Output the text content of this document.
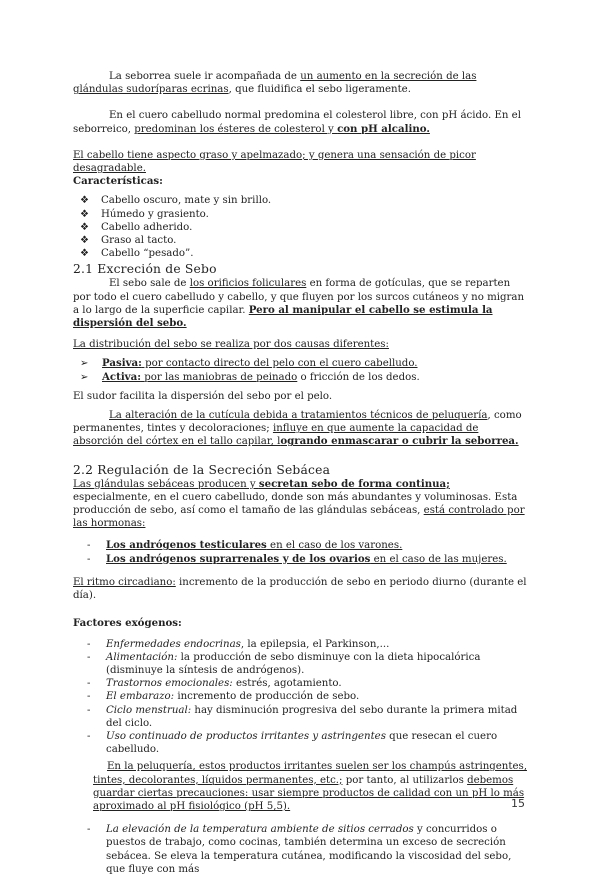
La seborrea suele ir acompañada de un aumento en la secreción de las glándulas sudoríparas ecrinas, que fluidifica el sebo ligeramente.

En el cuero cabelludo normal predomina el colesterol libre, con pH ácido. En el seborreico, predominan los ésteres de colesterol y con pH alcalino.

El cabello tiene aspecto graso y apelmazado; y genera una sensación de picor desagradable.

Características:

❖ Cabello oscuro, mate y sin brillo.
❖ Húmedo y grasiento.
❖ Cabello adherido.
❖ Graso al tacto.
❖ Cabello “pesado”.
2.1 Excreción de Sebo

El sebo sale de los orificios foliculares en forma de gotículas, que se reparten por todo el cuero cabelludo y cabello, y que fluyen por los surcos cutáneos y no migran a lo largo de la superficie capilar. Pero al manipular el cabello se estimula la dispersión del sebo.

La distribución del sebo se realiza por dos causas diferentes:

➢ Pasiva: por contacto directo del pelo con el cuero cabelludo.
➢ Activa: por las maniobras de peinado o fricción de los dedos.

El sudor facilita la dispersión del sebo por el pelo.

La alteración de la cutícula debida a tratamientos técnicos de peluquería, como permanentes, tintes y decoloraciones; influye en que aumente la capacidad de absorción del córtex en el tallo capilar, logrando enmascarar o cubrir la seborrea.

2.2 Regulación de la Secreción Sebácea

Las glándulas sebáceas producen y secretan sebo de forma continua; especialmente, en el cuero cabelludo, donde son más abundantes y voluminosas. Esta producción de sebo, así como el tamaño de las glándulas sebáceas, está controlado por las hormonas:

- Los andrógenos testiculares en el caso de los varones.
- Los andrógenos suprarrenales y de los ovarios en el caso de las mujeres.

El ritmo circadiano: incremento de la producción de sebo en periodo diurno (durante el día).

Factores exógenos:

- Enfermedades endocrinas, la epilepsia, el Parkinson,...
- Alimentación: la producción de sebo disminuye con la dieta hipocalórica (disminuye la síntesis de andrógenos).
- Trastornos emocionales: estrés, agotamiento.
- El embarazo: incremento de producción de sebo.
- Ciclo menstrual: hay disminución progresiva del sebo durante la primera mitad del ciclo.
- Uso continuado de productos irritantes y astringentes que resecan el cuero cabelludo.

En la peluquería, estos productos irritantes suelen ser los champús astringentes, tintes, decolorantes, líquidos permanentes, etc.; por tanto, al utilizarlos debemos guardar ciertas precauciones: usar siempre productos de calidad con un pH lo más aproximado al pH fisiológico (pH 5,5).

- La elevación de la temperatura ambiente de sitios cerrados y concurridos o puestos de trabajo, como cocinas, también determina un exceso de secreción sebácea. Se eleva la temperatura cutánea, modificando la viscosidad del sebo, que fluye con más
15
